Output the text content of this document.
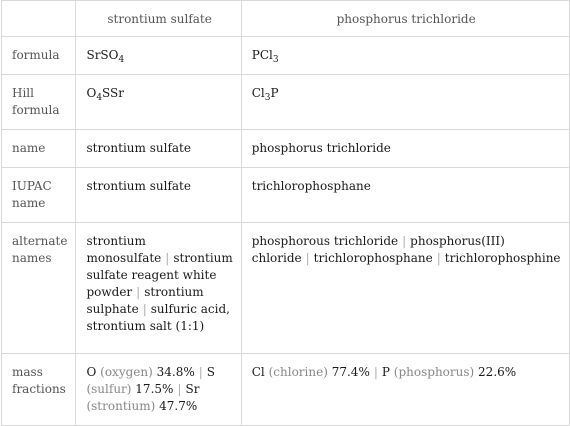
	strontium sulfate	phosphorus trichloride
formula	SrSO$_4$	PCl$_3$
Hill formula	$O_4SSr$	$Cl_3P$
name	strontium sulfate	phosphorus trichloride
IUPAC name	strontium sulfate	trichlorophosphane
alternate names	strontium monosulfate | strontium sulfate reagent white powder | strontium sulphate | sulfuric acid, strontium salt (1:1)	phosphorous trichloride | phosphorus(III) chloride | trichlorophosphane | trichlorophosphine
mass fractions	O (oxygen) 34.8% | S (sulfur) 17.5% | Sr (strontium) 47.7%	Cl (chlorine) 77.4% | P (phosphorus) 22.6%
